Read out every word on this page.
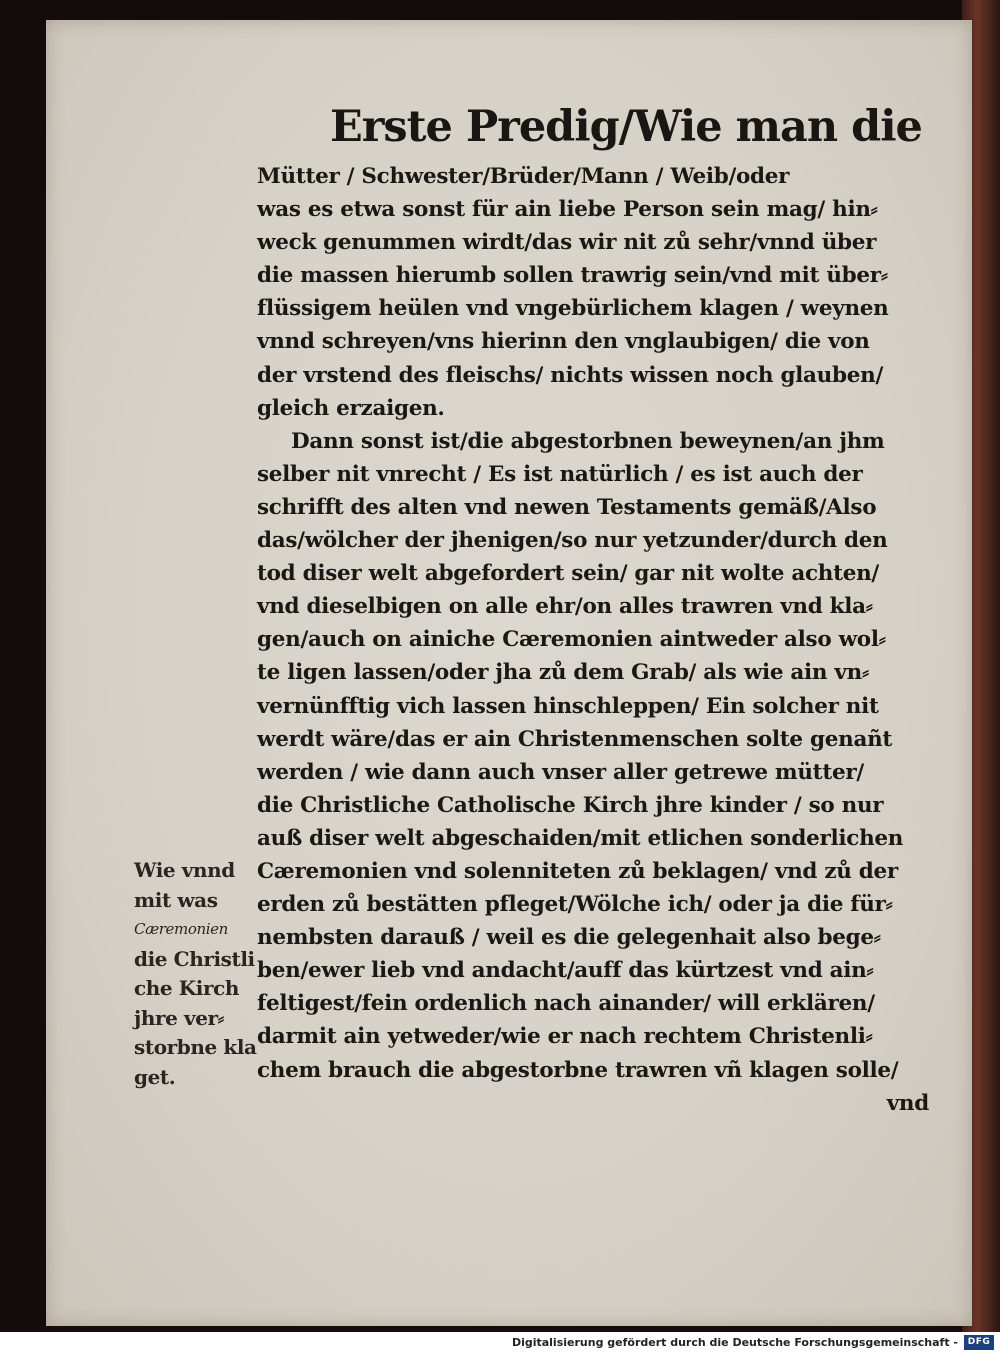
Erste Predig/Wie man die
Mütter / Schwester/Brüder/Mann / Weib/oder
was es etwa sonst für ain liebe Person sein mag/ hin⸗
weck genummen wirdt/das wir nit zů sehr/vnnd über
die massen hierumb sollen trawrig sein/vnd mit über⸗
flüssigem heülen vnd vngebürlichem klagen / weynen
vnnd schreyen/vns hierinn den vnglaubigen/ die von
der vrstend des fleischs/ nichts wissen noch glauben/
gleich erzaigen.
Dann sonst ist/die abgestorbnen beweynen/an jhm
selber nit vnrecht / Es ist natürlich / es ist auch der
schrifft des alten vnd newen Testaments gemäß/Also
das/wölcher der jhenigen/so nur yetzunder/durch den
tod diser welt abgefordert sein/ gar nit wolte achten/
vnd dieselbigen on alle ehr/on alles trawren vnd kla⸗
gen/auch on ainiche Cæremonien aintweder also wol⸗
te ligen lassen/oder jha zů dem Grab/ als wie ain vn⸗
vernünfftig vich lassen hinschleppen/ Ein solcher nit
werdt wäre/das er ain Christenmenschen solte genañt
werden / wie dann auch vnser aller getrewe mütter/
die Christliche Catholische Kirch jhre kinder / so nur
auß diser welt abgeschaiden/mit etlichen sonderlichen
Cæremonien vnd solenniteten zů beklagen/ vnd zů der
erden zů bestätten pfleget/Wölche ich/ oder ja die für⸗
nembsten darauß / weil es die gelegenhait also bege⸗
ben/ewer lieb vnd andacht/auff das kürtzest vnd ain⸗
feltigest/fein ordenlich nach ainander/ will erklären/
darmit ain yetweder/wie er nach rechtem Christenli⸗
chem brauch die abgestorbne trawren vñ klagen solle/
vnd
Wie vnnd
mit was
Cæremonien
die Christli
che Kirch
jhre ver⸗
storbne kla
get.
Digitalisierung gefördert durch die Deutsche Forschungsgemeinschaft -	DFG
